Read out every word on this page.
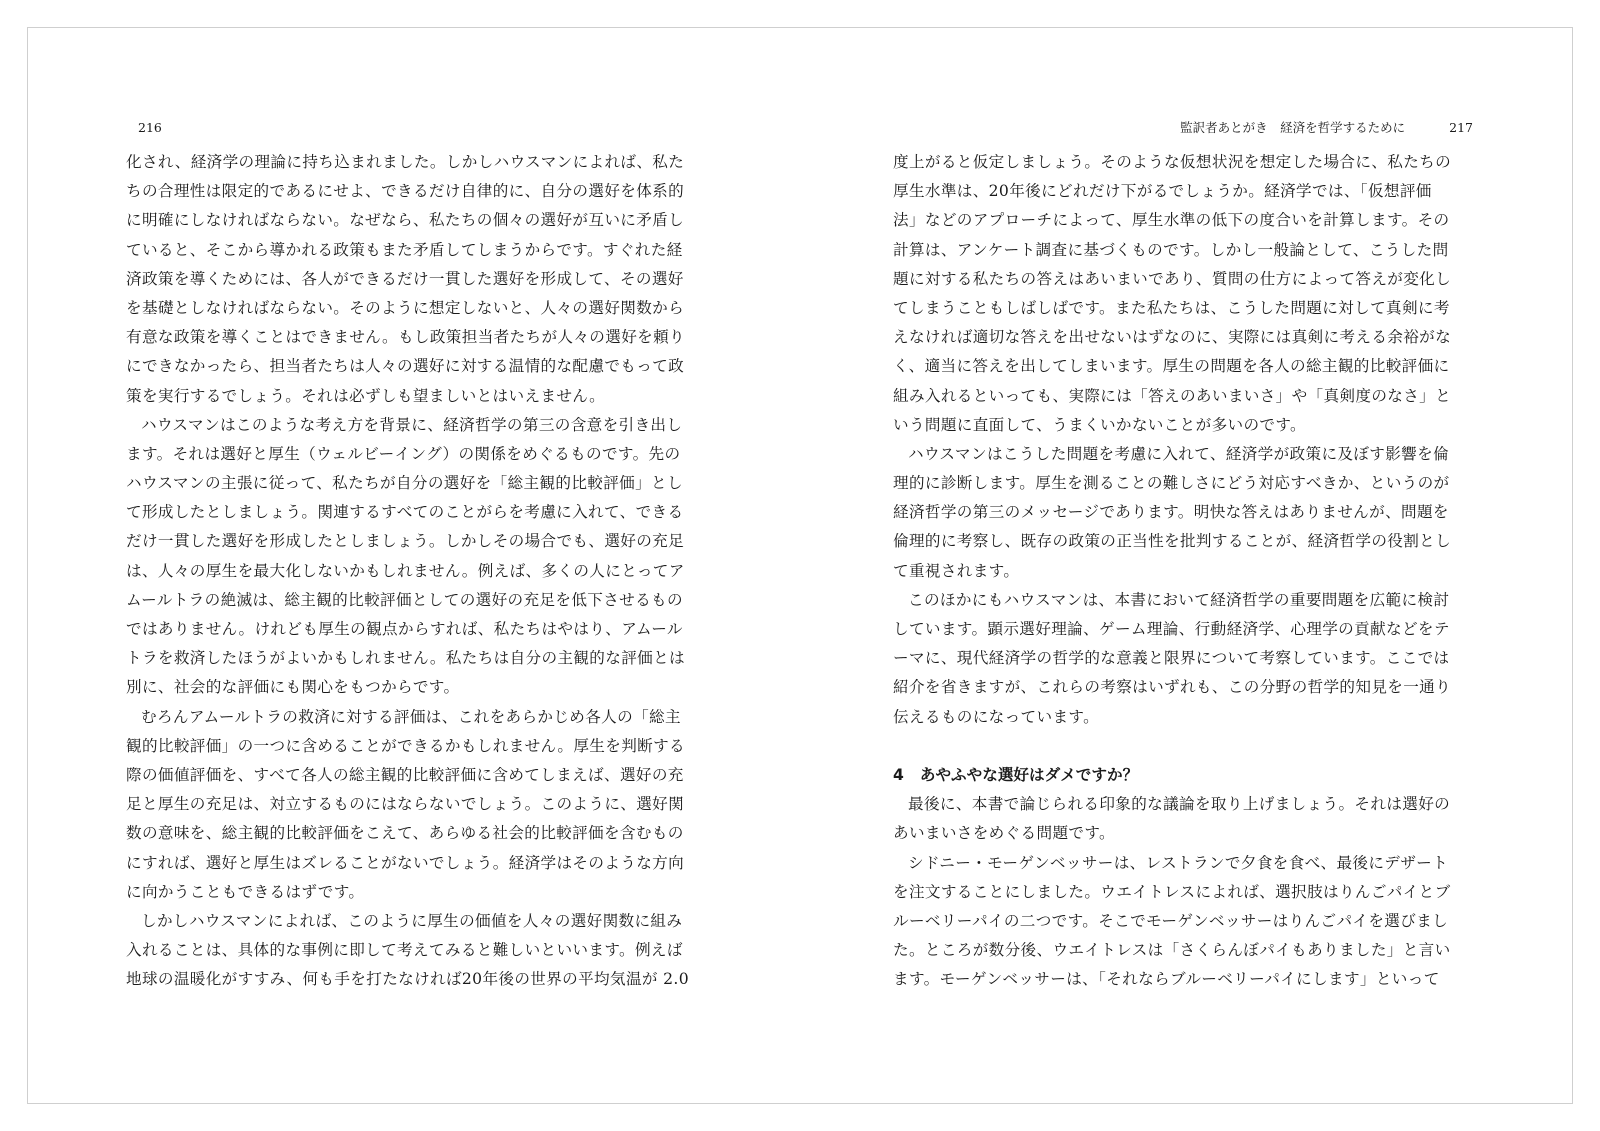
216
化され、経済学の理論に持ち込まれました。しかしハウスマンによれば、私た
ちの合理性は限定的であるにせよ、できるだけ自律的に、自分の選好を体系的
に明確にしなければならない。なぜなら、私たちの個々の選好が互いに矛盾し
ていると、そこから導かれる政策もまた矛盾してしまうからです。すぐれた経
済政策を導くためには、各人ができるだけ一貫した選好を形成して、その選好
を基礎としなければならない。そのように想定しないと、人々の選好関数から
有意な政策を導くことはできません。もし政策担当者たちが人々の選好を頼り
にできなかったら、担当者たちは人々の選好に対する温情的な配慮でもって政
策を実行するでしょう。それは必ずしも望ましいとはいえません。
ハウスマンはこのような考え方を背景に、経済哲学の第三の含意を引き出し
ます。それは選好と厚生（ウェルビーイング）の関係をめぐるものです。先の
ハウスマンの主張に従って、私たちが自分の選好を「総主観的比較評価」とし
て形成したとしましょう。関連するすべてのことがらを考慮に入れて、できる
だけ一貫した選好を形成したとしましょう。しかしその場合でも、選好の充足
は、人々の厚生を最大化しないかもしれません。例えば、多くの人にとってア
ムールトラの絶滅は、総主観的比較評価としての選好の充足を低下させるもの
ではありません。けれども厚生の観点からすれば、私たちはやはり、アムール
トラを救済したほうがよいかもしれません。私たちは自分の主観的な評価とは
別に、社会的な評価にも関心をもつからです。
むろんアムールトラの救済に対する評価は、これをあらかじめ各人の「総主
観的比較評価」の一つに含めることができるかもしれません。厚生を判断する
際の価値評価を、すべて各人の総主観的比較評価に含めてしまえば、選好の充
足と厚生の充足は、対立するものにはならないでしょう。このように、選好関
数の意味を、総主観的比較評価をこえて、あらゆる社会的比較評価を含むもの
にすれば、選好と厚生はズレることがないでしょう。経済学はそのような方向
に向かうこともできるはずです。
しかしハウスマンによれば、このように厚生の価値を人々の選好関数に組み
入れることは、具体的な事例に即して考えてみると難しいといいます。例えば
地球の温暖化がすすみ、何も手を打たなければ20年後の世界の平均気温が 2.0
監訳者あとがき　経済を哲学するために	217
度上がると仮定しましょう。そのような仮想状況を想定した場合に、私たちの
厚生水準は、20年後にどれだけ下がるでしょうか。経済学では、「仮想評価
法」などのアプローチによって、厚生水準の低下の度合いを計算します。その
計算は、アンケート調査に基づくものです。しかし一般論として、こうした問
題に対する私たちの答えはあいまいであり、質問の仕方によって答えが変化し
てしまうこともしばしばです。また私たちは、こうした問題に対して真剣に考
えなければ適切な答えを出せないはずなのに、実際には真剣に考える余裕がな
く、適当に答えを出してしまいます。厚生の問題を各人の総主観的比較評価に
組み入れるといっても、実際には「答えのあいまいさ」や「真剣度のなさ」と
いう問題に直面して、うまくいかないことが多いのです。
ハウスマンはこうした問題を考慮に入れて、経済学が政策に及ぼす影響を倫
理的に診断します。厚生を測ることの難しさにどう対応すべきか、というのが
経済哲学の第三のメッセージであります。明快な答えはありませんが、問題を
倫理的に考察し、既存の政策の正当性を批判することが、経済哲学の役割とし
て重視されます。
このほかにもハウスマンは、本書において経済哲学の重要問題を広範に検討
しています。顕示選好理論、ゲーム理論、行動経済学、心理学の貢献などをテ
ーマに、現代経済学の哲学的な意義と限界について考察しています。ここでは
紹介を省きますが、これらの考察はいずれも、この分野の哲学的知見を一通り
伝えるものになっています。
4 あやふやな選好はダメですか？
最後に、本書で論じられる印象的な議論を取り上げましょう。それは選好の
あいまいさをめぐる問題です。
シドニー・モーゲンベッサーは、レストランで夕食を食べ、最後にデザート
を注文することにしました。ウエイトレスによれば、選択肢はりんごパイとブ
ルーベリーパイの二つです。そこでモーゲンベッサーはりんごパイを選びまし
た。ところが数分後、ウエイトレスは「さくらんぼパイもありました」と言い
ます。モーゲンベッサーは、「それならブルーベリーパイにします」といって
